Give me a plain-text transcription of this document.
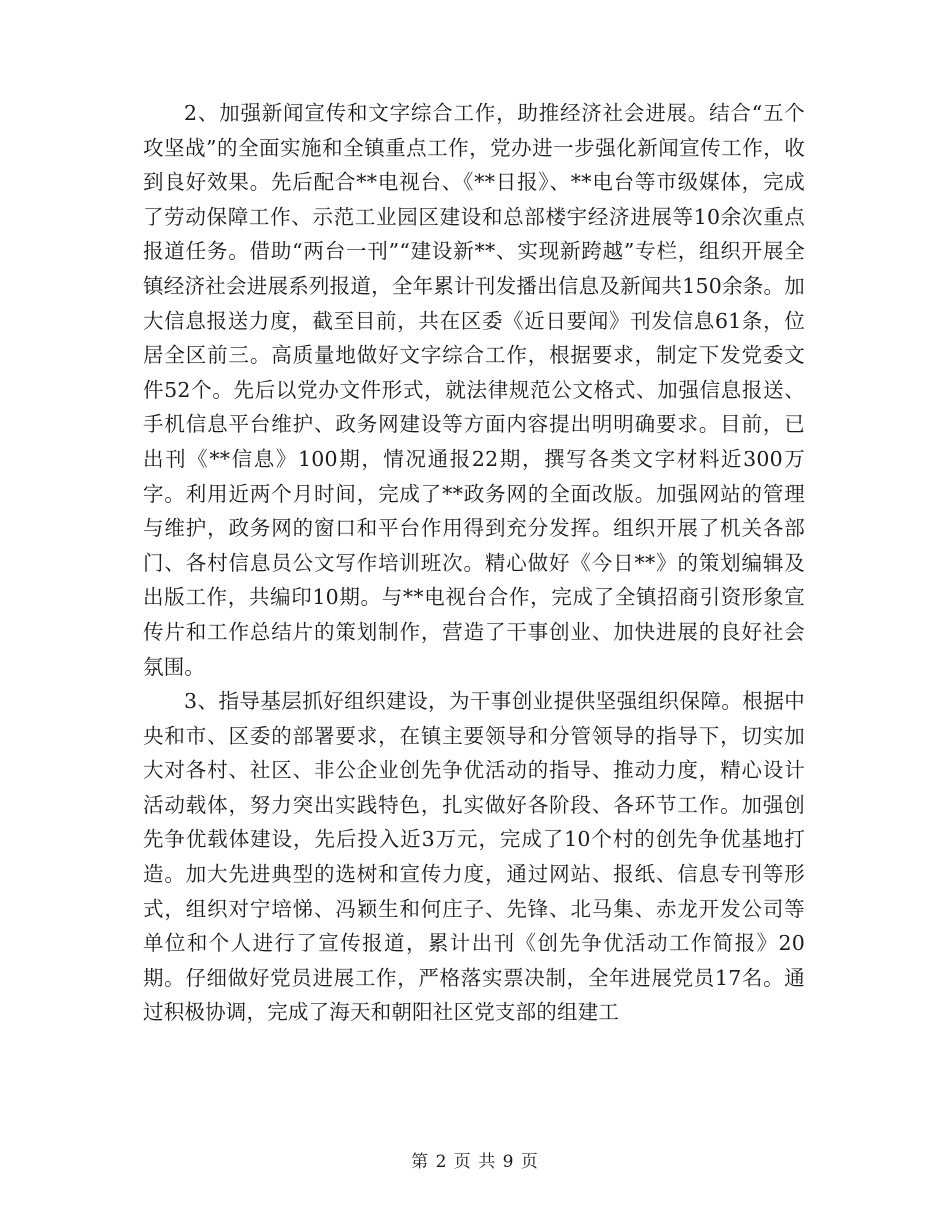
2、加强新闻宣传和文字综合工作，助推经济社会进展。结合“五个攻坚战”的全面实施和全镇重点工作，党办进一步强化新闻宣传工作，收到良好效果。先后配合**电视台、《**日报》、**电台等市级媒体，完成了劳动保障工作、示范工业园区建设和总部楼宇经济进展等10余次重点报道任务。借助“两台一刊”“建设新**、实现新跨越”专栏，组织开展全镇经济社会进展系列报道，全年累计刊发播出信息及新闻共150余条。加大信息报送力度，截至目前，共在区委《近日要闻》刊发信息61条，位居全区前三。高质量地做好文字综合工作，根据要求，制定下发党委文件52个。先后以党办文件形式，就法律规范公文格式、加强信息报送、手机信息平台维护、政务网建设等方面内容提出明明确要求。目前，已出刊《**信息》100期，情况通报22期，撰写各类文字材料近300万字。利用近两个月时间，完成了**政务网的全面改版。加强网站的管理与维护，政务网的窗口和平台作用得到充分发挥。组织开展了机关各部门、各村信息员公文写作培训班次。精心做好《今日**》的策划编辑及出版工作，共编印10期。与**电视台合作，完成了全镇招商引资形象宣传片和工作总结片的策划制作，营造了干事创业、加快进展的良好社会氛围。

3、指导基层抓好组织建设，为干事创业提供坚强组织保障。根据中央和市、区委的部署要求，在镇主要领导和分管领导的指导下，切实加大对各村、社区、非公企业创先争优活动的指导、推动力度，精心设计活动载体，努力突出实践特色，扎实做好各阶段、各环节工作。加强创先争优载体建设，先后投入近3万元，完成了10个村的创先争优基地打造。加大先进典型的选树和宣传力度，通过网站、报纸、信息专刊等形式，组织对宁培悌、冯颖生和何庄子、先锋、北马集、赤龙开发公司等单位和个人进行了宣传报道，累计出刊《创先争优活动工作简报》20期。仔细做好党员进展工作，严格落实票决制，全年进展党员17名。通过积极协调，完成了海天和朝阳社区党支部的组建工

第 2 页 共 9 页
